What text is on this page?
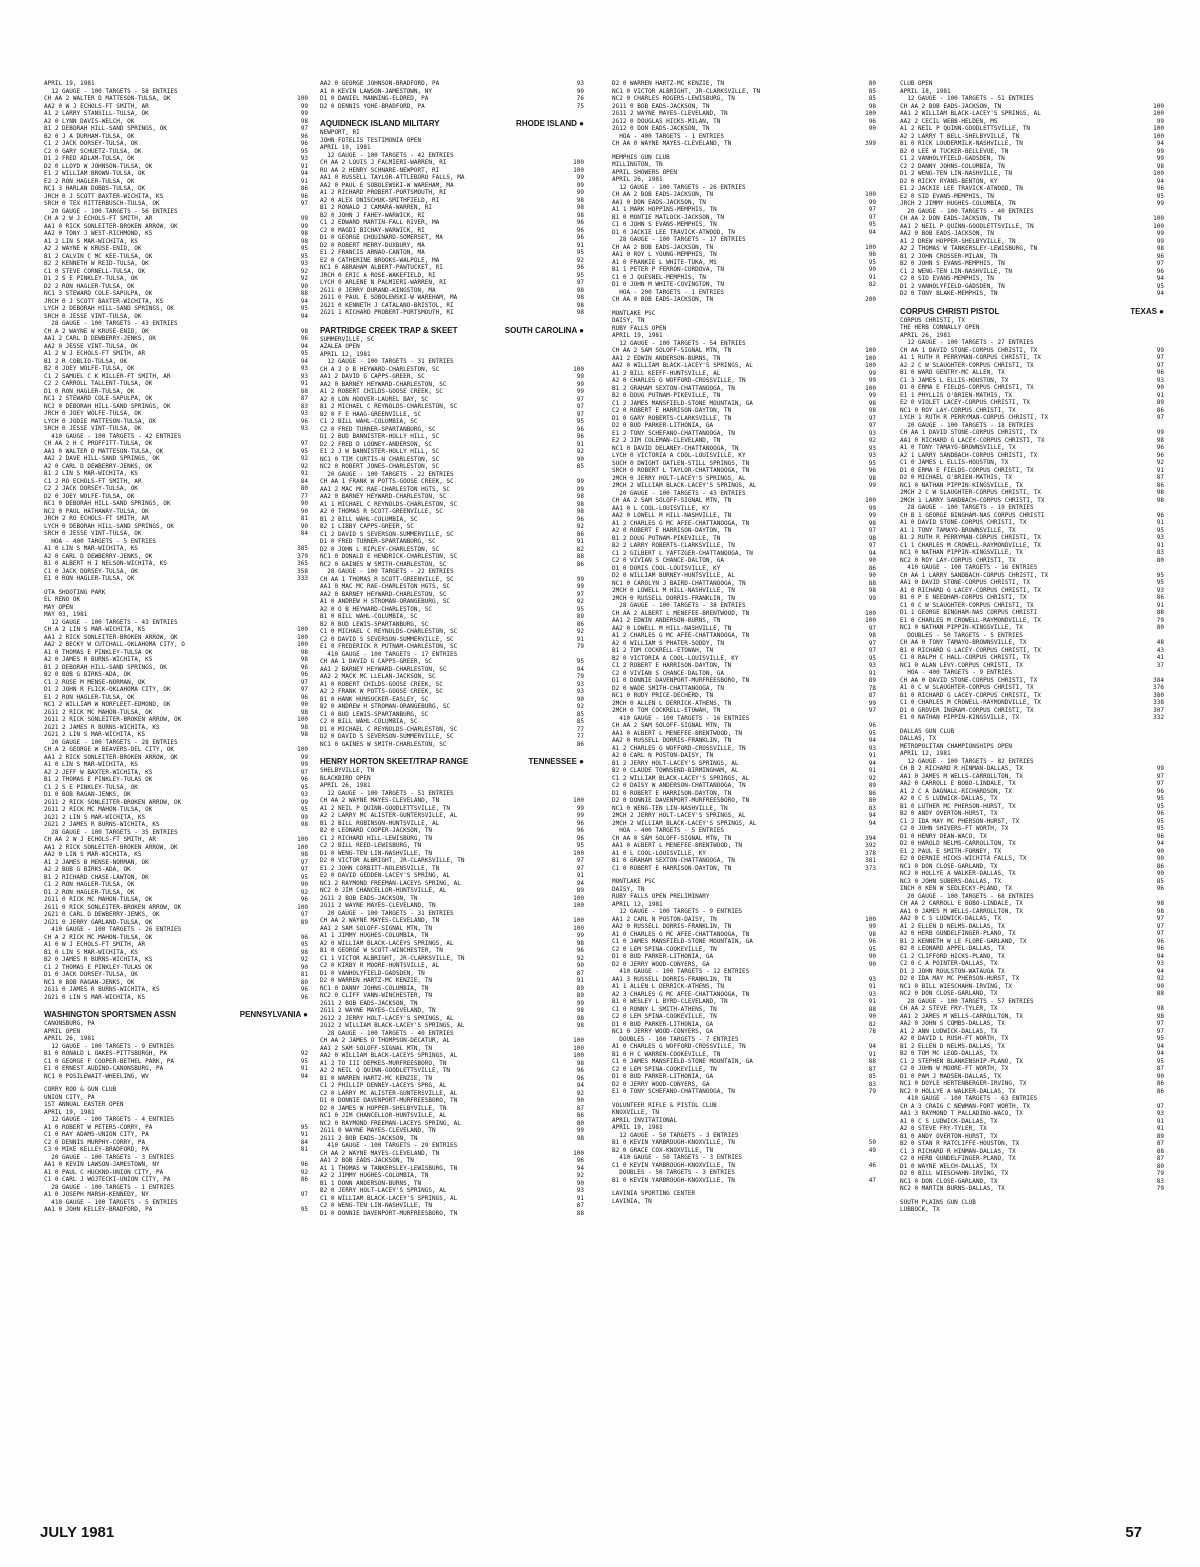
APRIL 19, 1981
12 GAUGE - 100 TARGETS - 58 ENTRIES
CH AA 2 WALTER D MATTESON-TULSA, OK	100
AA2 0 W J ECHOLS-FT SMITH, AR	99
A1 2 LARRY STANSILL-TULSA, OK	99
A2 0 LYNN DAVIS-WELCH, OK	98
B1 2 DEBORAH HILL-SAND SPRINGS, OK	97
B2 0 J A DURHAM-TULSA, OK	96
C1 2 JACK DORSEY-TULSA, OK	96
C2 0 GARY SCHUETZ-TULSA, OK	95
D1 2 FRED ADLAM-TULSA, OK	93
D2 0 LLOYD W JOHNSON-TULSA, OK	91
E1 2 WILLIAM BROWN-TULSA, OK	94
E2 2 RON HAGLER-TULSA, OK	91
NC1 3 HARLAN DOBBS-TULSA, OK	86
JRCH 0 J SCOTT BAXTER-WICHITA, KS	96
SRCH 0 TEX RITTERBUSCH-TULSA, OK	97
20 GAUGE - 100 TARGETS - 56 ENTRIES
CH A 2 W J ECHOLS-FT SMITH, AR	99
AA1 0 RICK SONLEITER-BROKEN ARROW, OK	99
AA2 0 TONY J WEST-RICHMOND, KS	98
A1 2 LIN S MAR-WICHITA, KS	98
A2 2 WAYNE W KRUSE-ENID, OK	95
B1 2 CALVIN C MC KEE-TULSA, OK	95
B2 2 KENNETH W REID-TULSA, OK	93
C1 0 STEVE CORNELL-TULSA, OK	92
D1 2 S E PINKLEY-TULSA, OK	92
D2 2 RON HAGLER-TULSA, OK	90
NC1 3 STEWARD COLE-SAPULPA, OK	88
JRCH 0 J SCOTT BAXTER-WICHITA, KS	94
LYCH 2 DEBORAH HILL-SAND SPRINGS, OK	95
SRCH 0 JESSE VINT-TULSA, OK	94
28 GAUGE - 100 TARGETS - 43 ENTRIES
CH A 2 WAYNE W KRUSE-ENID, OK	98
AA1 2 CARL D DEWBERRY-JENKS, OK	96
AA2 0 JESSE VINT-TULSA, OK	94
A1 2 W J ECHOLS-FT SMITH, AR	95
B1 2 R COBLIO-TULSA, OK	94
B2 0 JOEY WOLFE-TULSA, OK	93
C1 2 SAMUEL C K MILLER-FT SMITH, AR	93
C2 2 CARROLL TALLENT-TULSA, OK	91
D1 0 RON HAGLER-TULSA, OK	88
NC1 2 STEWARD COLE-SAPULPA, OK	87
NC2 0 DEBORAH HILL-SAND SPRINGS, OK	83
JRCH 0 JOEY WOLFE-TULSA, OK	93
LYCH 0 JODIE MATTESON-TULSA, OK	96
SRCH 0 JESSE VINT-TULSA, OK	93
410 GAUGE - 100 TARGETS - 42 ENTRIES
CH AA 2 H C PROFFITT-TULSA, OK	97
AA1 0 WALTER D MATTESON-TULSA, OK	95
AA2 2 DAVE HILL-SAND SPRINGS, OK	92
A2 0 CARL D DEWBERRY-JENKS, OK	92
B1 2 LIN S MAR-WICHITA, KS	91
C1 2 RO ECHOLS-FT SMITH, AR	84
C2 2 JACK DORSEY-TULSA, OK	80
D2 0 JOEY WOLFE-TULSA, OK	77
NC1 0 DEBORAH HILL-SAND SPRINGS, OK	90
NC2 0 PAUL HATHAWAY-TULSA, OK	90
JRCH 2 RO ECHOLS-FT SMITH, AR	81
LYCH 0 DEBORAH HILL-SAND SPRINGS, OK	90
SRCH 0 JESSE VINT-TULSA, OK	84
HOA - 400 TARGETS - 5 ENTRIES
A1 0 LIN S MAR-WICHITA, KS	385
A2 0 CARL D DEWBERRY-JENKS, OK	379
B1 0 ALBERT H I NELSON-WICHITA, KS	365
C1 0 JACK DORSEY-TULSA, OK	358
E1 0 RON HAGLER-TULSA, OK	333
OTA SHOOTING PARK
EL RENO OK
MAY OPEN
MAY 03, 1981
12 GAUGE - 100 TARGETS - 43 ENTRIES
CH A 2 LIN S MAR-WICHITA, KS	100
AA1 2 RICK SONLEITER-BROKEN ARROW, OK	100
AA2 2 BECKY W CUTCHALL-OKLAHOMA CITY, O	100
A1 0 THOMAS E PINKLEY-TULSA OK	98
A2 0 JAMES R BURNS-WICHITA, KS	98
B1 2 DEBORAH HILL-SAND SPRINGS, OK	96
B2 0 BOB G BIRKS-ADA, OK	96
C1 2 ROSE M MENSE-NORMAN, OK	97
D1 2 JOHN R FLICK-OKLAHOMA CITY, OK	97
E1 2 RON HAGLER-TULSA, OK	96
NC1 2 WILLIAM W NORFLEET-EDMOND, OK	90
2G11 2 RICK MC MAHON-TULSA, OK	98
2G11 2 RICK SONLEITER-BROKEN ARROW, OK	100
2G21 2 JAMES R BURNS-WICHITA, KS	98
2G21 2 LIN S MAR-WICHITA, KS	98
20 GAUGE - 100 TARGETS - 28 ENTRIES
CH A 2 GEORGE W BEAVERS-DEL CITY, OK	100
AA1 2 RICK SONLEITER-BROKEN ARROW, OK	99
A1 0 LIN S MAR-WICHITA, KS	99
A2 2 JEFF W BAXTER-WICHITA, KS	97
B1 2 THOMAS E PINKLEY-TULAS OK	96
C1 2 S E PINKLEY-TULSA, OK	95
D1 0 BOB RAGAN-JENKS, OK	93
2G11 2 RICK SONLEITER-BROKEN ARROW, OK	99
2G11 2 RICK MC MAHON-TULSA, OK	95
2G21 2 LIN S MAR-WICHITA, KS	99
2G21 2 JAMES R BURNS-WICHITA, KS	98
28 GAUGE - 100 TARGETS - 35 ENTRIES
CH AA 2 W J ECHOLS-FT SMITH, AR	100
AA1 2 RICK SONLEITER-BROKEN ARROW, OK	100
AA2 0 LIN S MAR-WICHITA, KS	98
A1 2 JAMES B MENSE-NORMAN, OK	97
A2 2 BOB G BIRKS-ADA, OK	97
B1 2 RICHARD CHASE-LAWTON, OK	95
C1 2 RON HAGLER-TULSA, OK	90
D1 2 RON HAGLER-TULSA, OK	92
2G11 0 RICK MC MAHON-TULSA, OK	96
2G11 0 RICK SONLEITER-BROKEN ARROW, OK	100
2G21 0 CARL D DEWBERRY-JENKS, OK	97
2G21 0 JERRY GARLAND-TULSA, OK	89
410 GAUGE - 100 TARGETS - 26 ENTRIES
CH A 2 RICK MC MAHON-TULSA, OK	96
A1 0 W J ECHOLS-FT SMITH, AR	95
B1 0 LIN S MAR-WICHITA, KS	98
B2 0 JAMES R BURNS-WICHITA, KS	92
C1 2 THOMAS E PINKLEY-TULAS OK	90
D1 0 JACK DORSEY-TULSA, OK	81
NC1 0 BOB RAGAN-JENKS, OK	80
2G11 0 JAMES R BURNS-WICHITA, KS	96
2G21 0 LIN S MAR-WICHITA, KS	96
WASHINGTON SPORTSMEN ASSN	PENNSYLVANIA ●
CANONSBURG, PA
APRIL OPEN
APRIL 26, 1981
12 GAUGE - 100 TARGETS - 9 ENTRIES
B1 0 RONALD L OAKES-PITTSBURGH, PA	92
C1 0 GEORGE F COOPER-BETHEL PARK, PA	95
E1 0 ERNEST AUDINO-CANONSBURG, PA	91
NC1 0 POSILEWAIT-WHEELING, WV	94
CORRY ROD & GUN CLUB
UNION CITY, PA
1ST ANNUAL EASTER OPEN
APRIL 19, 1981
12 GAUGE - 100 TARGETS - 4 ENTRIES
A1 0 ROBERT W PETERS-CORRY, PA	95
C1 0 RAY ADAMS-UNION CITY, PA	91
C2 0 DENNIS MURPHY-CORRY, PA	84
C3 0 MIKE KELLEY-BRADFORD, PA	81
20 GAUGE - 100 TARGETS - 3 ENTRIES
AA1 0 KEVIN LAWSON-JAMESTOWN, NY	96
A1 0 PAUL C HUCKNO-UNION CITY, PA	92
C1 0 CARL J WOJTECKI-UNION CITY, PA	86
28 GAUGE - 100 TARGETS - 1 ENTRIES
A1 0 JOSEPH MARSH-KENNEDY, NY	97
410 GAUGE - 100 TARGETS - 5 ENTRIES
AA1 0 JOHN KELLEY-BRADFORD, PA	95
AA2 0 GEORGE JOHNSON-BRADFORD, PA	93
A1 0 KEVIN LAWSON-JAMESTOWN, NY	90
D1 0 DANIEL MANNING-ELDRED, PA	76
D2 0 DENNIS YOHE-BRADFORD, PA	75
AQUIDNECK ISLAND MILITARY	RHODE ISLAND ●
NEWPORT, RI
JOHN FOTELIS TESTIMONIA OPEN
APRIL 19, 1981
12 GAUGE - 100 TARGETS - 42 ENTRIES
CH AA 2 LOUIS J FALMIERI-WARREN, RI	100
RU AA 2 HENRY SCHNARE-NEWPORT, RI	100
AA1 0 RUSSELL TAYLOR-ATTLEBORO FALLS, MA	99
AA2 0 PAUL E SOBOLEWSKI-W WAREHAM, MA	99
A1 2 RICHARD PROBERT-PORTSMOUTH, RI	99
A2 0 ALEX ONISCHUK-SMITHFIELD, RI	98
B1 2 RONALD J CAMARA-WARREN, RI	98
B2 0 JOHN J FAHEY-WARWICK, RI	98
C1 2 EDWARD MARTIN-FALL RIVER, MA	96
C2 0 MAGDI BICHAY-WARWICK, RI	96
D1 0 GEORGE CHOUINARD-SOMERSET, MA	96
D2 0 ROBERT MERRY-DUXBURY, MA	91
E1 2 FRANCIS ARNAO-CANTON, MA	95
E2 0 CATHERINE BROOKS-WALPOLE, MA	92
NC1 0 ABRAHAM ALBERT-PAWTUCKET, RI	96
JRCH 0 ERIC A ROSE-WAKEFIELD, RI	95
LYCH 0 ARLENE N PALMIERI-WARREN, RI	97
2G11 0 JERRY DURAND-KINGSTON, MA	98
2G11 0 PAUL E SOBOLEWSKI-W WAREHAM, MA	98
2G21 0 KENNETH J CATALANO-BRISTOL, RI	98
2G21 1 RICHARD PROBERT-PORTSMOUTH, RI	98
PARTRIDGE CREEK TRAP & SKEET	SOUTH CAROLINA ●
SUMMERVILLE, SC
AZALEA OPEN
APRIL 12, 1981
12 GAUGE - 100 TARGETS - 31 ENTRIES
CH A 2 O B HEYWARD-CHARLESTON, SC	100
AA1 2 DAVID G CAPPS-GREER, SC	99
AA2 0 BARNEY HEYWARD-CHARLESTON, SC	99
A1 2 ROBERT CHILDS-GOOSE CREEK, SC	99
A2 0 LON HOOVER-LAUREL BAY, SC	97
B1 2 MICHAEL C REYNOLDS-CHARLESTON, SC	97
B2 0 F E HAAG-GREENVILLE, SC	97
C1 2 BILL WAHL-COLUMBIA, SC	95
C2 0 FRED TURNER-SPARTANBURG, SC	96
D1 2 BUD BANNISTER-HOLLY HILL, SC	96
D2 2 FRED D LOONEY-ANDERSON, SC	91
E1 2 J W BANNISTER-HOLLY HILL, SC	92
NC1 0 TIM CURTIS-N CHARLESTON, SC	90
NC2 0 ROBERT JONES-CHARLESTON, SC	85
20 GAUGE - 100 TARGETS - 22 ENTRIES
CH AA 1 FRANK W POTTS-GOOSE CREEK, SC	99
AA1 2 MAC MC RAE-CHARLESTON HGTS, SC	99
AA2 0 BARNEY HEYWARD-CHARLESTON, SC	98
A1 1 MICHAEL C REYNOLDS-CHARLESTON, SC	98
A2 0 THOMAS R SCOTT-GREENVILLE, SC	98
B1 2 BILL WAHL-COLUMBIA, SC	96
B2 1 LIBBY CAPPS-GREER, SC	92
C1 2 DAVID S SEVERSON-SUMMERVILLE, SC	86
D1 0 FRED TURNER-SPARTANBURG, SC	91
D2 0 JOHN L RIPLEY-CHARLESTON, SC	82
NC1 0 DONALD E HENDRICK-CHARLESTON, SC	88
NC2 0 GAINES W SMITH-CHARLESTON, SC	86
28 GAUGE - 100 TARGETS - 22 ENTRIES
CH AA 1 THOMAS R SCOTT-GREENVILLE, SC	99
AA1 0 MAC MC RAE-CHARLESTON HGTS, SC	99
AA2 0 BARNEY HEYWARD-CHARLESTON, SC	97
A1 0 ANDREW H STROMAN-ORANGEBURG, SC	92
A2 0 O B HEYWARD-CHARLESTON, SC	95
B1 0 BILL WAHL-COLUMBIA, SC	89
B2 0 BUD LEWIS-SPARTANBURG, SC	86
C1 0 MICHAEL C REYNOLDS-CHARLESTON, SC	92
C2 0 DAVID S SEVERSON-SUMMERVILLE, SC	91
E1 0 FREDERICK R PUTNAM-CHARLESTON, SC	79
410 GAUGE - 100 TARGETS - 17 ENTRIES
CH AA 1 DAVID G CAPPS-GREER, SC	95
AA1 2 BARNEY HEYWARD-CHARLESTON, SC	94
AA2 2 MACK MC LLELAN-JACKSON, SC	79
A1 0 ROBERT CHILDS-GOOSE CREEK, SC	93
A2 2 FRANK W POTTS-GOOSE CREEK, SC	93
B1 0 HANK HUNSUCKER-EASLEY, SC	90
B2 0 ANDREW H STROMAN-ORANGEBURG, SC	92
C1 0 BUD LEWIS-SPARTANBURG, SC	85
C2 0 BILL WAHL-COLUMBIA, SC	85
D1 0 MICHAEL C REYNOLDS-CHARLESTON, SC	77
D2 0 DAVID S SEVERSON-SUMMERVILLE, SC	77
NC1 0 GAINES W SMITH-CHARLESTON, SC	86
HENRY HORTON SKEET/TRAP RANGE	TENNESSEE ●
SHELBYVILLE, TN
BLACKBIRD OPEN
APRIL 26, 1981
12 GAUGE - 100 TARGETS - 51 ENTRIES
CH AA 2 WAYNE MAYES-CLEVELAND, TN	100
A1 2 NEIL P QUINN-GOODLETTSVILLE, TN	99
A2 2 LARRY MC ALISTER-GUNTERSVILLE, AL	99
B1 2 BILL ROBINSON-HUNTSVILLE, AL	96
B2 0 LEONARD COOPER-JACKSON, TN	96
C1 2 RICHARD HILL-LEWISBURG, TN	96
C2 2 BILL REED-LEWISBURG, TN	95
D1 0 WENG-TEN LIN-NASHVILLE, TN	100
D2 0 VICTOR ALBRIGHT, JR-CLARKSVILLE, TN	97
E1 2 JOHN CORBITT-NOLENSVILLE, TN	97
E2 0 DAVID GEDDEN-LACEY'S SPRING, AL	91
NC1 2 RAYMOND FREEMAN-LACEYS SPRING, AL	94
NC2 0 JIM CHANCELLOR-HUNTSVILLE, AL	89
2G11 2 BOB EADS-JACKSON, TN	100
2G11 2 WAYNE MAYES-CLEVELAND, TN	100
20 GAUGE - 100 TARGETS - 31 ENTRIES
CH AA 2 WAYNE MAYES-CLEVELAND, TN	100
AA1 2 SAM SOLOFF-SIGNAL MTN, TN	100
A1 1 JIMMY HUGHES-COLUMBIA, TN	99
A2 0 WILLIAM BLACK-LACEYS SPRINGS, AL	98
B1 0 GEORGE W SCOTT-WINCHESTER, TN	96
C1 1 VICTOR ALBRIGHT, JR-CLARKSVILLE, TN	92
C2 0 KIRBY R MOORE-HUNTSVILLE, AL	90
D1 0 VANHOLYFIELD-GADSDEN, TN	87
D2 0 WARREN HARTZ-MC KENZIE, TN	91
NC1 0 DANNY JOHNS-COLUMBIA, TN	89
NC2 0 CLIFF VANN-WINCHESTER, TN	89
2G11 2 BOB EADS-JACKSON, TN	99
2G11 2 WAYNE MAYES-CLEVELAND, TN	98
2G12 2 JERRY HOLT-LACEY'S SPRINGS, AL	98
2G12 2 WILLIAM BLACK-LACEY'S SPRINGS, AL	98
28 GAUGE - 100 TARGETS - 40 ENTRIES
CH AA 2 JAMES O THOMPSON-DECATUR, AL	100
AA1 2 SAM SOLOFF-SIGNAL MTN, TN	100
AA2 0 WILLIAM BLACK-LACEYS SPRINGS, AL	100
A1 2 TO III DEPKES-MURFREESBORO, TN	98
A2 2 NEIL Q QUINN-GOODLETTSVILLE, TN	96
B1 0 WARREN HARTZ-MC KENZIE, TN	96
C1 2 PHILLIP DENNEY-LACEYS SPRG, AL	94
C2 0 LARRY MC ALISTER-GUNTERSVILLE, AL	92
D1 0 DONNIE DAVENPORT-MURFREESBORO, TN	90
D2 0 JAMES W HOPPER-SHELBYVILLE, TN	87
NC1 0 JIM CHANCELLOR-HUNTSVILLE, AL	86
NC2 0 RAYMOND FREEMAN-LACEYS SPRING, AL	80
2G11 0 WAYNE MAYES-CLEVELAND, TN	99
2G11 2 BOB EADS-JACKSON, TN	98
410 GAUGE - 100 TARGETS - 29 ENTRIES
CH AA 2 WAYNE MAYES-CLEVELAND, TN	100
AA1 2 BOB EADS-JACKSON, TN	96
A1 1 THOMAS W TANKERSLEY-LEWISBURG, TN	94
A2 2 JIMMY HUGHES-COLUMBIA, TN	92
B1 1 DONN ANDERSON-BURNS, TN	90
B2 0 JERRY HOLT-LACEY'S SPRINGS, AL	93
C1 0 WILLIAM BLACK-LACEY'S SPRINGS, AL	91
C2 0 WENG-TEN LIN-NASHVILLE, TN	87
D1 0 DONNIE DAVENPORT-MURFREESBORO, TN	88
D2 0 WARREN HARTZ-MC KENZIE, TN	80
NC1 0 VICTOR ALBRIGHT, JR-CLARKSVILLE, TN	85
NC2 0 CHARLES ROGERS-LEWISBURG, TN	85
2G11 0 BOB EADS-JACKSON, TN	98
2G11 2 WAYNE MAYES-CLEVELAND, TN	100
2G12 0 DOUGLAS HICKS-MILAN, TN	96
2G12 0 DON EADS-JACKSON, TN	90
HOA - 400 TARGETS - 1 ENTRIES
CH AA 0 WAYNE MAYES-CLEVELAND, TN	399
MEMPHIS GUN CLUB
MILLINGTON, TN
APRIL SHOWERS OPEN
APRIL 26, 1981
12 GAUGE - 100 TARGETS - 26 ENTRIES
CH AA 2 BOB EADS-JACKSON, TN	100
AA1 0 DON EADS-JACKSON, TN	99
A1 1 MARK HOPPINS-MEMPHIS, TN	97
B1 0 MONTIE MATLOCK-JACKSON, TN	97
C1 0 JOHN S EVANS-MEMPHIS, TN	95
D1 0 JACKIE LEE TRAVICK-ATWOOD, TN	94
28 GAUGE - 100 TARGETS - 17 ENTRIES
CH AA 2 BOB EADS-JACKSON, TN	100
AA1 0 ROY L YOUNG-MEMPHIS, TN	96
A1 0 FRANKIE L WHITE-TUKA, MS	95
B1 1 PETER P FERRON-CORDOVA, TN	90
C1 0 J QUESNEL-MEMPHIS, TN	91
D1 0 JOHN M WHITE-COVINGTON, TN	82
HOA - 200 TARGETS - 1 ENTRIES
CH AA 0 BOB EADS-JACKSON, TN	200
MONTLAKE PSC
DAISY, TN
RUBY FALLS OPEN
APRIL 19, 1981
12 GAUGE - 100 TARGETS - 54 ENTRIES
CH AA 2 SAM SOLOFF-SIGNAL MTN, TN	100
AA1 2 EDWIN ANDERSON-BURNS, TN	100
AA2 0 WILLIAM BLACK-LACEY'S SPRINGS, AL	100
A1 2 BILL KEEFF-HUNTSVILLE, AL	99
A2 0 CHARLES G WOFFORD-CROSSVILLE, TN	99
B1 2 GRAHAM SEXTON-CHATTANOOGA, TN	100
B2 0 DOUG PUTNAM-PIKEVILLE, TN	99
C1 2 JAMES MANSFIELD-STONE MOUNTAIN, GA	98
C2 0 ROBERT E HARRISON-DAYTON, TN	98
D1 0 GARY ROBERTS-CLARKSVILLE, TN	97
D2 0 BUD PARKER-LITHONIA, GA	97
E1 2 TONY SCHEFANO-CHATTANOOGA, TN	93
E2 2 JIM COLEMAN-CLEVELAND, TN	92
NC1 0 DAVID DELANEY-CHATTANOOGA, TN	93
LYCH 0 VICTORIA A COOL-LOUISVILLE, KY	93
SUCH 0 DWIGHT OATLEN-STILL SPRINGS, TN	95
SRCH 0 ROBERT L TAYLOR-CHATTANOOGA, TN	96
2MCH 0 JERRY HOLT-LACEY'S SPRINGS, AL	98
2MCH 2 WILLIAM BLACK-LACEY'S SPRINGS, AL	99
20 GAUGE - 100 TARGETS - 43 ENTRIES
CH AA 2 SAM SOLOFF-SIGNAL MTN, TN	100
AA1 0 L COOL-LOUISVILLE, KY	99
AA2 0 LOWELL M HILL-NASHVILLE, TN	99
A1 2 CHARLES G MC AFEE-CHATTANOOGA, TN	98
A2 0 ROBERT E HARRISON-DAYTON, TN	97
B1 2 DOUG PUTNAM-PIKEVILLE, TN	98
B2 2 LARRY ROBERTS-CLARKSVILLE, TN	97
C1 2 GILBERT L YAFTZGER-CHATTANOOGA, TN	94
C2 0 VIVIAN S CHANCE-DALTON, GA	90
D1 0 DORIS COOL-LOUISVILLE, KY	86
D2 0 WILLIAM BURNEY-HUNTSVILLE, AL	90
NC1 0 CAROLYN J BAIRD-CHATTANOOGA, TN	88
2MCH 0 LOWELL M HILL-NASHVILLE, TN	98
2MCH 0 RUSSELL DORRIS-FRANKLIN, TN	99
28 GAUGE - 100 TARGETS - 38 ENTRIES
CH AA 2 ALBERT L MENEFEE-BRENTWOOD, TN	100
AA1 2 EDWIN ANDERSON-BURNS, TN	100
AA2 0 LOWELL M HILL-NASHVILLE, TN	97
A1 2 CHARLES G MC AFEE-CHATTANOOGA, TN	98
A2 0 WILLIAM S PHATER-SODDY, TN	97
B1 2 TOM COCKRELL-ETOWAH, TN	97
B2 0 VICTORIA A COOL-LOUISVILLE, KY	95
C1 2 ROBERT E HARRISON-DAYTON, TN	93
C2 0 VIVIAN S CHANCE-DALTON, GA	91
D1 0 DONNIE DAVENPORT-MURFREESBORO, TN	89
D2 0 WADE SMITH-CHATTANOOGA, TN	78
NC1 0 RUDY PRICE-DECHERD, TN	87
2MCH 0 ALLEN L DERRICK-ATHENS, TN	99
2MCH 0 TOM COCKRELL-ETOWAH, TN	97
410 GAUGE - 100 TARGETS - 16 ENTRIES
CH AA 2 SAM SOLOFF-SIGNAL MTN, TN	96
AA1 0 ALBERT L MENEFEE-BRENTWOOD, TN	95
AA2 0 RUSSELL DORRIS-FRANKLIN, TN	94
A1 2 CHARLES G WOFFORD-CROSSVILLE, TN	93
A2 0 CARL N POSTON-DAISY, TN	91
B1 2 JERRY HOLT-LACEY'S SPRINGS, AL	94
B2 0 CLAUDE TOWNSEND-BIRMINGHAM, AL	91
C1 2 WILLIAM BLACK-LACEY'S SPRINGS, AL	92
C2 0 DAISY W ANDERSON-CHATTANOOGA, TN	89
D1 0 ROBERT E HARRISON-DAYTON, TN	86
D2 0 DONNIE DAVENPORT-MURFREESBORO, TN	80
NC1 0 WENG-TEN LIN-NASHVILLE, TN	83
2MCH 2 JERRY HOLT-LACEY'S SPRINGS, AL	94
2MCH 2 WILLIAM BLACK-LACEY'S SPRINGS, AL	94
HOA - 400 TARGETS - 5 ENTRIES
CH AA 0 SAM SOLOFF-SIGNAL MTN, TN	394
AA1 0 ALBERT L MENEFEE-BRENTWOOD, TN	392
A1 0 L COOL-LOUISVILLE, KY	378
B1 0 GRAHAM SEXTON-CHATTANOOGA, TN	381
C1 0 ROBERT E HARRISON-DAYTON, TN	373
MONTLAKE PSC
DAISY, TN
RUBY FALLS OPEN PRELIMINARY
APRIL 12, 1981
12 GAUGE - 100 TARGETS - 9 ENTRIES
AA1 2 CARL N POSTON-DAISY, TN	100
AA2 0 RUSSELL DORRIS-FRANKLIN, TN	99
A1 0 CHARLES G MC AFEE-CHATTANOOGA, TN	98
C1 0 JAMES MANSFIELD-STONE MOUNTAIN, GA	96
C2 0 LEM SPINA-COOKEVILLE, TN	95
D1 0 BUD PARKER-LITHONIA, GA	90
D2 0 JERRY WOOD-CONYERS, GA	90
410 GAUGE - 100 TARGETS - 12 ENTRIES
AA1 3 RUSSELL DORRIS-FRANKLIN, TN	93
A1 1 ALLEN L DERRICK-ATHENS, TN	91
A2 3 CHARLES G MC AFEE-CHATTANOOGA, TN	93
B1 0 WESLEY L BYRD-CLEVELAND, TN	91
C1 0 RONNY L SMITH-ATHENS, TN	88
C2 0 LEM SPINA-COOKEVILLE, TN	90
D1 0 BUD PARKER-LITHONIA, GA	82
NC1 0 JERRY WOOD-CONYERS, GA	78
DOUBLES - 100 TARGETS - 7 ENTRIES
A1 0 CHARLES G WOFFORD-CROSSVILLE, TN	94
B1 0 H C WARREN-COOKEVILLE, TN	91
C1 0 JAMES MANSFIELD-STONE MOUNTAIN, GA	88
C2 0 LEM SPINA-COOKEVILLE, TN	87
D1 0 BUD PARKER-LITHONIA, GA	85
D2 0 JERRY WOOD-CONYERS, GA	83
E1 0 TONY SCHEFANO-CHATTANOOGA, TN	79
VOLUNTEER RIFLE & PISTOL CLUB
KNOXVILLE, TN
APRIL INVITATIONAL
APRIL 19, 1981
12 GAUGE - 50 TARGETS - 3 ENTRIES
B1 0 KEVIN YARBROUGH-KNOXVILLE, TN	50
B2 0 GRACE COX-KNOXVILLE, TN	49
410 GAUGE - 50 TARGETS - 3 ENTRIES
C1 0 KEVIN YARBROUGH-KNOXVILLE, TN	46
DOUBLES - 50 TARGETS - 3 ENTRIES
B1 0 KEVIN YARBROUGH-KNOXVILLE, TN	47
LAVINIA SPORTING CENTER
LAVINIA, TN
CLUB OPEN
APRIL 18, 1981
12 GAUGE - 100 TARGETS - 51 ENTRIES
CH AA 2 BOB EADS-JACKSON, TN	100
AA1 2 WILLIAM BLACK-LACEY'S SPRINGS, AL	100
AA2 2 CECIL WEBB-HELDEN, MS	99
A1 2 NEIL P QUINN-GOODLETTSVILLE, TN	100
A2 2 LARRY T BELL-SHELBYVILLE, TN	100
B1 0 RICK LOUDERMILK-NASHVILLE, TN	94
B2 0 LEE W TUCKER-BELLEVUE, TN	99
C1 2 VANHOLYFIELD-GADSDEN, TN	99
C2 2 DANNY JOHNS-COLUMBIA, TN	98
D1 2 WENG-TEN LIN-NASHVILLE, TN	100
D2 0 RICKY RYANS-BENTON, KY	94
E1 2 JACKIE LEE TRAVICK-ATWOOD, TN	96
E2 0 SID EVANS-MEMPHIS, TN	95
JRCH 2 JIMMY HUGHES-COLUMBIA, TN	99
20 GAUGE - 100 TARGETS - 40 ENTRIES
CH AA 2 DON EADS-JACKSON, TN	100
AA1 2 NEIL P QUINN-GOODLETTSVILLE, TN	100
AA2 0 BOB EADS-JACKSON, TN	99
A1 2 DREW HOPPER-SHELBYVILLE, TN	99
A2 2 THOMAS W TANKERSLEY-LEWISBURG, TN	98
B1 2 JOHN CROSSER-MILAN, TN	96
B2 0 JOHN S EVANS-MEMPHIS, TN	97
C1 2 WENG-TEN LIN-NASHVILLE, TN	96
C2 0 SID EVANS-MEMPHIS, TN	94
D1 2 VANHOLYFIELD-GADSDEN, TN	95
D2 0 TONY BLAKE-MEMPHIS, TN	94
CORPUS CHRISTI PISTOL	TEXAS ●
CORPUS CHRISTI, TX
THE HERB CONNALLY OPEN
APRIL 26, 1981
12 GAUGE - 100 TARGETS - 27 ENTRIES
CH AA 1 DAVID STONE-CORPUS CHRISTI, TX	99
A1 1 RUTH R PERRYMAN-CORPUS CHRISTI, TX	97
A2 2 C W SLAUGHTER-CORPUS CHRISTI, TX	97
B1 0 WARD GENTRY-MC ALLEN, TX	96
C1 3 JAMES L ELLIS-HOUSTON, TX	93
D1 0 ERMA E FIELDS-CORPUS CHRISTI, TX	90
E1 1 PHYLLIS O'BRIEN-MATHIS, TX	91
E2 0 VIOLET LACEY-CORPUS CHRISTI, TX	89
NC1 0 ROY LAY-CORPUS CHRISTI, TX	86
LYCH 1 RUTH R PERRYMAN-CORPUS CHRISTI, TX	97
20 GAUGE - 100 TARGETS - 18 ENTRIES
CH AA 1 DAVID STONE-CORPUS CHRISTI, TX	99
AA1 0 RICHARD G LACEY-CORPUS CHRISTI, TX	98
A1 0 TONY TAMAYO-BROWNSVILLE, TX	96
A2 1 LARRY SANDBACH-CORPUS CHRISTI, TX	96
C1 0 JAMES L ELLIS-HOUSTON, TX	92
D1 0 ERMA E FIELDS-CORPUS CHRISTI, TX	91
D2 0 MICHAEL O'BRIEN-MATHIS, TX	87
NC1 0 NATHAN PIPPIN-KINGSVILLE, TX	86
2MCH 2 C W SLAUGHTER-CORPUS CHRISTI, TX	98
2MCH 1 LARRY SANDBACH-CORPUS CHRISTI, TX	98
28 GAUGE - 100 TARGETS - 19 ENTRIES
CH B 1 GEORGE BINGHAM-NAS CORPUS CHRISTI	96
A1 0 DAVID STONE-CORPUS CHRISTI, TX	91
A1 1 TONY TAMAYO-BROWNSVILLE, TX	95
B1 2 RUTH R PERRYMAN-CORPUS CHRISTI, TX	93
C1 1 CHARLES M CROWELL-RAYMONDVILLE, TX	91
NC1 0 NATHAN PIPPIN-KINGSVILLE, TX	83
NC2 0 ROY LAY-CORPUS CHRISTI, TX	80
410 GAUGE - 100 TARGETS - 16 ENTRIES
CH AA 1 LARRY SANDBACH-CORPUS CHRISTI, TX	95
AA1 0 DAVID STONE-CORPUS CHRISTI, TX	95
A1 0 RICHARD G LACEY-CORPUS CHRISTI, TX	93
B1 0 P E NEEDHAM-CORPUS CHRISTI, TX	86
C1 0 C W SLAUGHTER-CORPUS CHRISTI, TX	91
D1 1 GEORGE BINGHAM-NAS CORPUS CHRISTI	88
E1 0 CHARLES M CROWELL-RAYMONDVILLE, TX	79
NC1 0 NATHAN PIPPIN-KINGSVILLE, TX	80
DOUBLES - 50 TARGETS - 5 ENTRIES
CH AA 0 TONY TAMAYO-BROWNSVILLE, TX	48
B1 0 RICHARD G LACEY-CORPUS CHRISTI, TX	43
C1 0 RALPH C HALL-CORPUS CHRISTI, TX	41
NC1 0 ALAN LEVY-CORPUS CHRISTI, TX	37
HOA - 400 TARGETS - 9 ENTRIES
CH AA 0 DAVID STONE-CORPUS CHRISTI, TX	384
A1 0 C W SLAUGHTER-CORPUS CHRISTI, TX	376
B1 0 RICHARD G LACEY-CORPUS CHRISTI, TX	380
C1 0 CHARLES M CROWELL-RAYMONDVILLE, TX	338
D1 0 GROVER INGRAM-CORPUS CHRISTI, TX	307
E1 0 NATHAN PIPPIN-KINGSVILLE, TX	332
DALLAS GUN CLUB
DALLAS, TX
METROPOLITAN CHAMPIONSHIPS OPEN
APRIL 12, 1981
12 GAUGE - 100 TARGETS - 82 ENTRIES
CH B 2 RICHARD R HINMAN-DALLAS, TX	99
AA1 0 JAMES M WELLS-CARROLLTON, TX	97
AA2 0 CARROLL E BOBO-LINDALE, TX	97
A1 2 C A DAGNALL-RICHARDSON, TX	96
A2 0 C S LUDWICK-DALLAS, TX	95
B1 0 LUTHER MC PHERSON-HURST, TX	95
B2 0 ANDY OVERTON-HURST, TX	96
C1 2 IDA MAY MC PHERSON-HURST, TX	95
C2 0 JOHN SHIVERS-FT WORTH, TX	95
D1 0 HENRY DEAN-WACO, TX	96
D2 0 HAROLD NELMS-CARROLLTON, TX	94
E1 2 PAUL E SMITH-FORNEY, TX	90
E2 0 DERNIE HICKS-WICHITA FALLS, TX	90
NC1 0 DON CLOSE-GARLAND, TX	86
NC2 0 HOLLYE A WALKER-DALLAS, TX	90
NC3 0 JOHN SUBERS-DALLAS, TX	85
INCH 0 KEN W SEDLECKY-PLANO, TX	96
20 GAUGE - 100 TARGETS - 68 ENTRIES
CH AA 2 CARROLL E BOBO-LINDALE, TX	98
AA1 0 JAMES M WELLS-CARROLLTON, TX	98
AA2 0 C S LUDWICK-DALLAS, TX	97
A1 2 ELLEN D NELMS-DALLAS, TX	97
A2 0 HERB GUNDELFINGER-PLANO, TX	97
B1 2 KENNETH W LE FLORE-GARLAND, TX	96
B2 0 LEONARD APPEL-DALLAS, TX	96
C1 2 CLIFFORD HICKS-PLANO, TX	94
C2 0 C A POINTER-DALLAS, TX	93
D1 2 JOHN ROULSTON-WATAUGA TX	94
D2 0 IDA MAY MC PHERSON-HURST, TX	92
NC1 0 BILL WIESCHAHN-IRVING, TX	90
NC2 0 DON CLOSE-GARLAND, TX	88
28 GAUGE - 100 TARGETS - 57 ENTRIES
CH AA 2 STEVE FRY-TYLER, TX	98
AA1 2 JAMES M WELLS-CARROLLTON, TX	98
AA2 0 JOHN S COMBS-DALLAS, TX	97
A1 2 ANN LUDWICK-DALLAS, TX	97
A2 0 DAVID L RUSH-FT WORTH, TX	95
B1 2 ELLEN D NELMS-DALLAS, TX	94
B2 0 TOM MC LEOD-DALLAS, TX	94
C1 2 STEPHEN BLANKENSHIP-PLANO, TX	95
C2 0 JOHN W MOORE-FT WORTH, TX	87
D1 0 PAM J MADSEN-DALLAS, TX	90
NC1 0 DOYLE HERTENBERGER-IRVING, TX	86
NC2 0 HOLLYE A WALKER-DALLAS, TX	86
410 GAUGE - 100 TARGETS - 63 ENTRIES
CH A 3 CRAIG C NEWMAN-FORT WORTH, TX	97
AA1 3 RAYMOND T PALLADINO-WACO, TX	93
A1 0 C S LUDWICK-DALLAS, TX	91
A2 0 STEVE FRY-TYLER, TX	91
B1 0 ANDY OVERTON-HURST, TX	89
B2 0 STAN R RATCLIFFE-HOUSTON, TX	87
C1 3 RICHARD R HINMAN-DALLAS, TX	88
C2 0 HERB GUNDELFINGER-PLANO, TX	87
D1 0 WAYNE WELCH-DALLAS, TX	80
D2 0 BILL WIESCHAHN-IRVING, TX	79
NC1 0 DON CLOSE-GARLAND, TX	83
NC2 0 MARTIN BURNS-DALLAS, TX	79
SOUTH PLAINS GUN CLUB
LUBBOCK, TX
JULY 1981	57
